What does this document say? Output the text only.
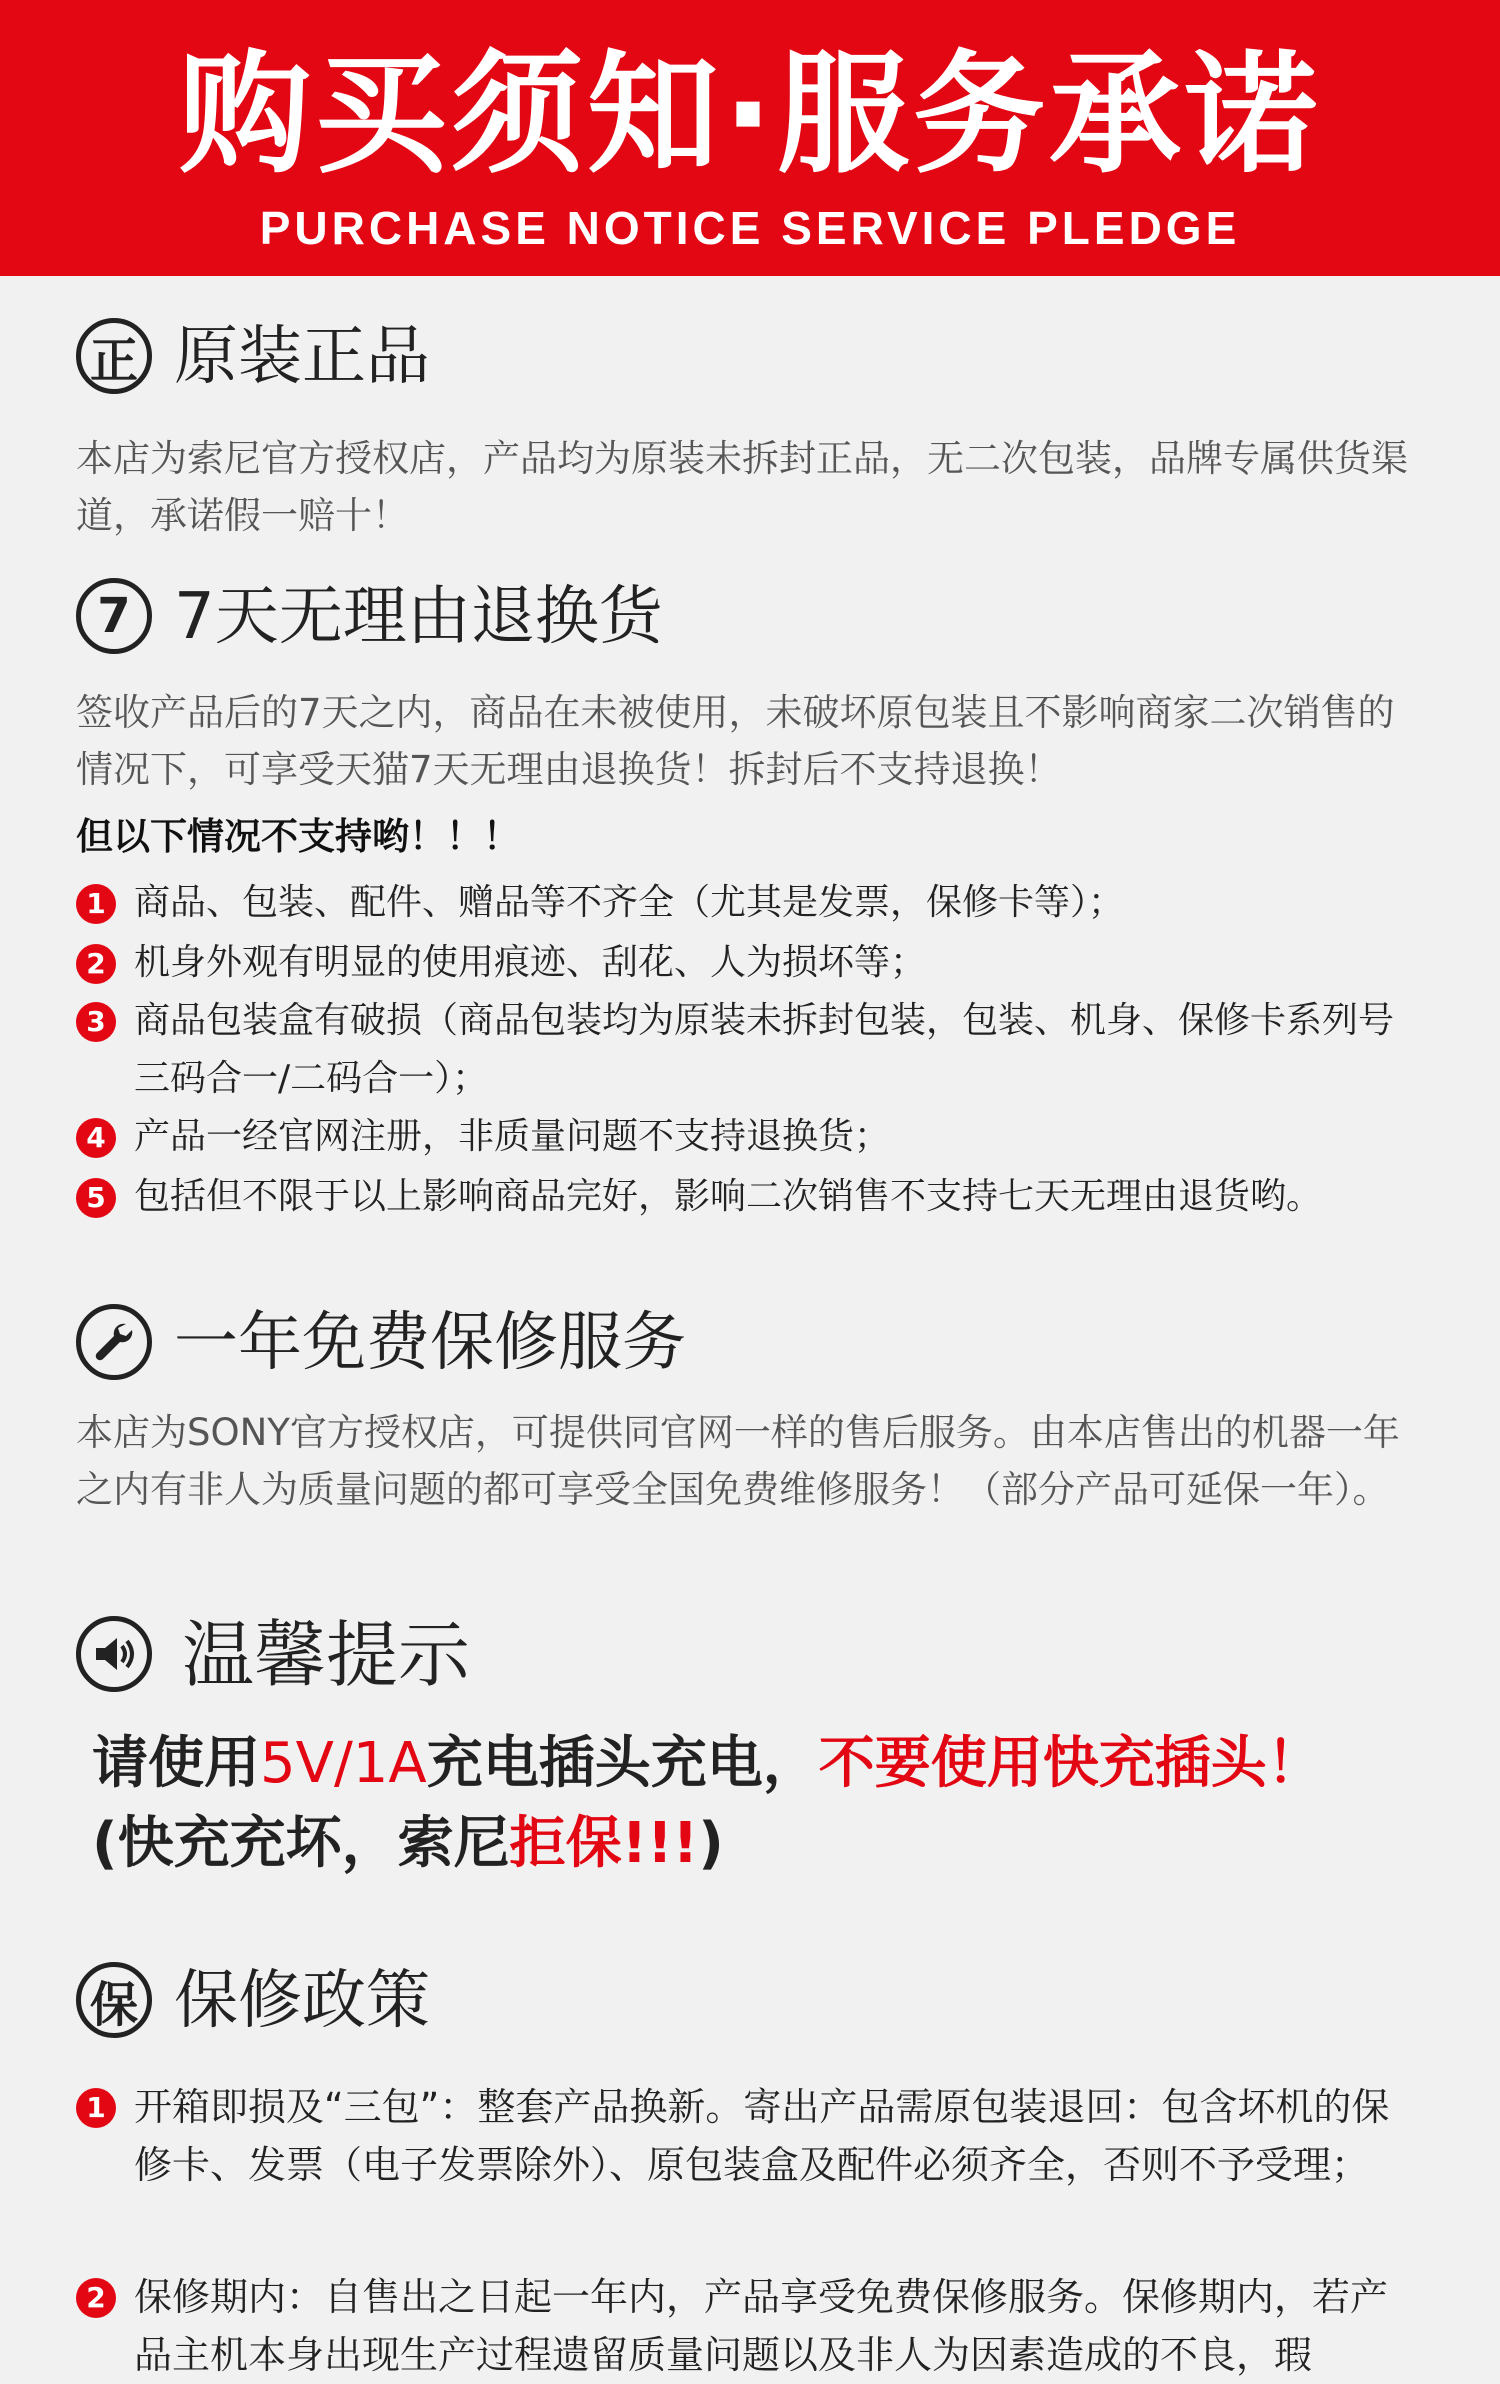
购买须知·服务承诺
PURCHASE NOTICE SERVICE PLEDGE
正 原装正品
本店为索尼官方授权店，产品均为原装未拆封正品，无二次包装，品牌专属供货渠道，承诺假一赔十！
7 7天无理由退换货
签收产品后的7天之内，商品在未被使用，未破坏原包装且不影响商家二次销售的情况下，可享受天猫7天无理由退换货！拆封后不支持退换！
但以下情况不支持哟！！！
1 商品、包装、配件、赠品等不齐全（尤其是发票，保修卡等）；
2 机身外观有明显的使用痕迹、刮花、人为损坏等；
3 商品包装盒有破损（商品包装均为原装未拆封包装，包装、机身、保修卡系列号三码合一/二码合一）；
4 产品一经官网注册，非质量问题不支持退换货；
5 包括但不限于以上影响商品完好，影响二次销售不支持七天无理由退货哟。
一年免费保修服务
本店为SONY官方授权店，可提供同官网一样的售后服务。由本店售出的机器一年之内有非人为质量问题的都可享受全国免费维修服务！（部分产品可延保一年）。
温馨提示
请使用5V/1A充电插头充电，不要使用快充插头！
(快充充坏，索尼拒保!!!)
保 保修政策
1 开箱即损及“三包”：整套产品换新。寄出产品需原包装退回：包含坏机的保修卡、发票（电子发票除外）、原包装盒及配件必须齐全，否则不予受理；
2 保修期内：自售出之日起一年内，产品享受免费保修服务。保修期内，若产品主机本身出现生产过程遗留质量问题以及非人为因素造成的不良，瑕
